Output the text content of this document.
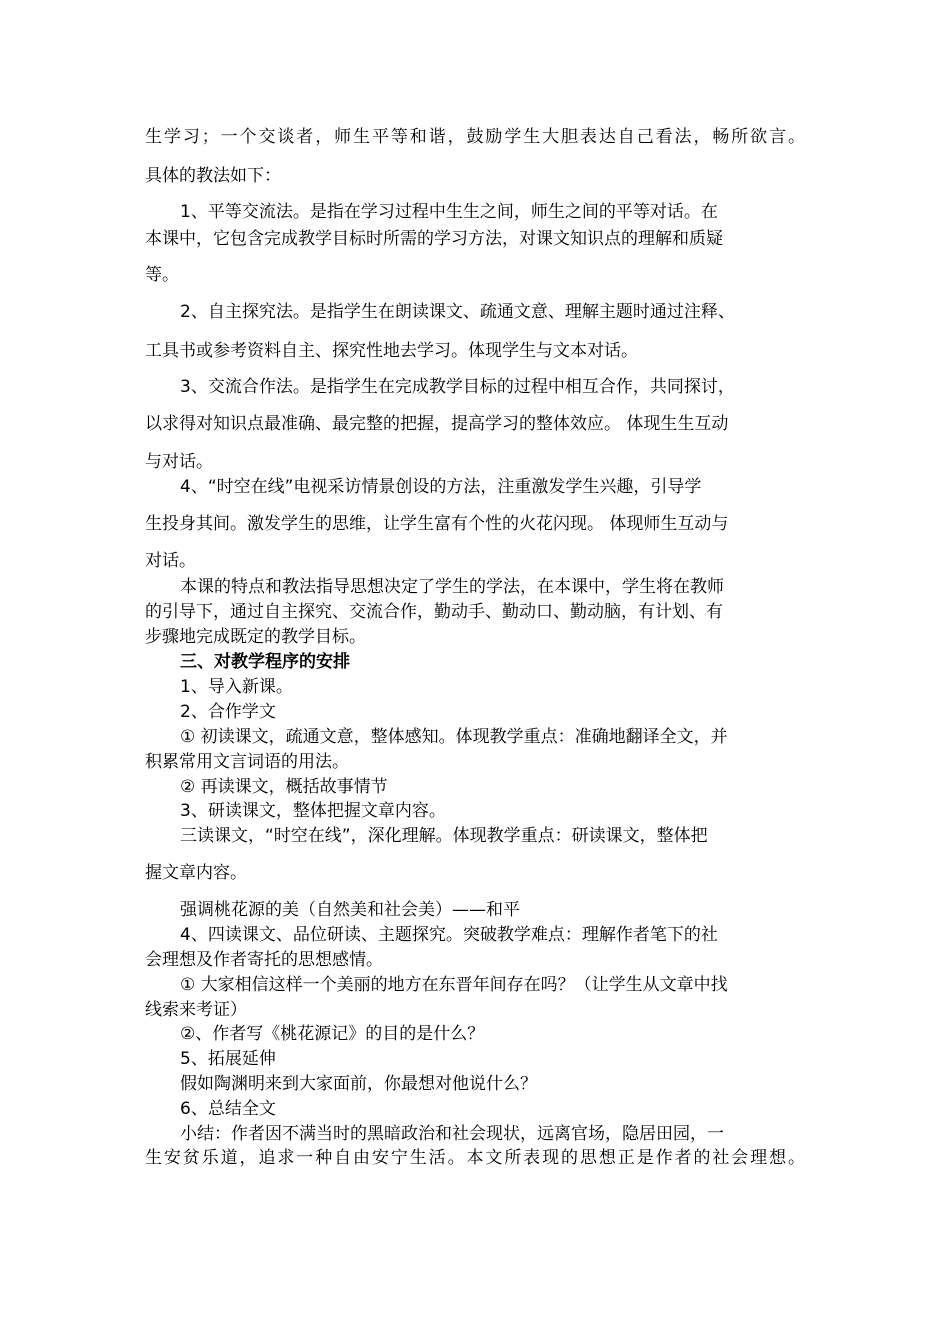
生学习；一个交谈者，师生平等和谐，鼓励学生大胆表达自己看法，畅所欲言。
具体的教法如下：
1、平等交流法。是指在学习过程中生生之间，师生之间的平等对话。在
本课中，它包含完成教学目标时所需的学习方法，对课文知识点的理解和质疑
等。
2、自主探究法。是指学生在朗读课文、疏通文意、理解主题时通过注释、
工具书或参考资料自主、探究性地去学习。体现学生与文本对话。
3、交流合作法。是指学生在完成教学目标的过程中相互合作，共同探讨，
以求得对知识点最准确、最完整的把握，提高学习的整体效应。 体现生生互动
与对话。
4、“时空在线”电视采访情景创设的方法，注重激发学生兴趣，引导学
生投身其间。激发学生的思维，让学生富有个性的火花闪现。 体现师生互动与
对话。
本课的特点和教法指导思想决定了学生的学法，在本课中，学生将在教师
的引导下，通过自主探究、交流合作，勤动手、勤动口、勤动脑，有计划、有
步骤地完成既定的教学目标。
三、对教学程序的安排
1、导入新课。
2、合作学文
① 初读课文，疏通文意，整体感知。体现教学重点：准确地翻译全文，并
积累常用文言词语的用法。
② 再读课文，概括故事情节
3、研读课文，整体把握文章内容。
三读课文，“时空在线”，深化理解。体现教学重点：研读课文，整体把
握文章内容。
强调桃花源的美（自然美和社会美）——和平
4、四读课文、品位研读、主题探究。突破教学难点：理解作者笔下的社
会理想及作者寄托的思想感情。
① 大家相信这样一个美丽的地方在东晋年间存在吗？（让学生从文章中找
线索来考证）
②、作者写《桃花源记》的目的是什么？
5、拓展延伸
假如陶渊明来到大家面前，你最想对他说什么？
6、总结全文
小结：作者因不满当时的黑暗政治和社会现状，远离官场，隐居田园，一
生安贫乐道，追求一种自由安宁生活。本文所表现的思想正是作者的社会理想。
